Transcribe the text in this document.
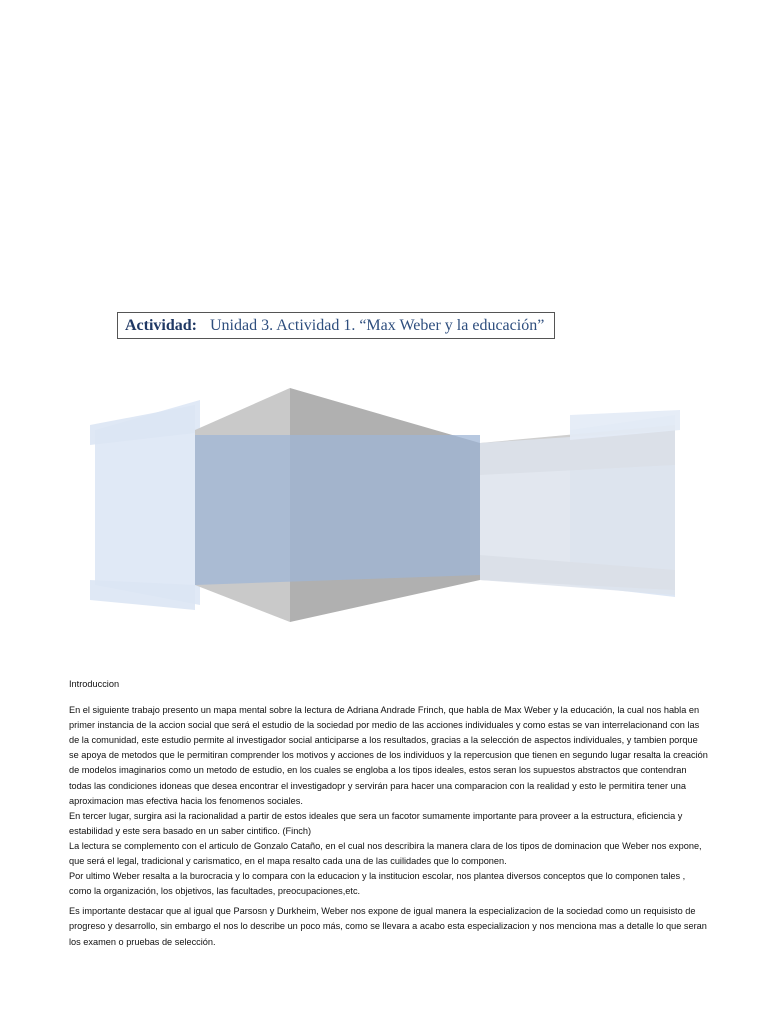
Actividad: Unidad 3. Actividad 1. “Max Weber y la educación”

Introduccion

En el siguiente trabajo presento un mapa mental sobre la lectura de Adriana Andrade Frinch, que habla de Max Weber y la educación, la cual nos habla en primer instancia de la accion social que será el estudio de la sociedad por medio de las acciones individuales y como estas se van interrelacionand con las de la comunidad, este estudio permite al investigador social anticiparse a los resultados, gracias a la selección de aspectos individuales, y tambien porque se apoya de metodos que le permitiran comprender los motivos y acciones de los individuos y la repercusion que tienen en segundo lugar resalta la creación de modelos imaginarios como un metodo de estudio, en los cuales se engloba a los tipos ideales, estos seran los supuestos abstractos que contendran todas las condiciones idoneas que desea encontrar el investigadopr y servirán para hacer una comparacion con la realidad y esto le permitira tener una aproximacion mas efectiva hacia los fenomenos sociales.

En tercer lugar, surgira asi la racionalidad a partir de estos ideales que sera un facotor sumamente importante para proveer a la estructura, eficiencia y estabilidad y este sera basado en un saber cintifico. (Finch)

La lectura se complemento con el articulo de Gonzalo Cataño, en el cual nos describira la manera clara de los tipos de dominacion que Weber nos expone, que será el legal, tradicional y carismatico, en el mapa resalto cada una de las cuilidades que lo componen.

Por ultimo Weber resalta a la burocracia y lo compara con la educacion y la institucion escolar, nos plantea diversos conceptos que lo componen tales , como la organización, los objetivos, las facultades, preocupaciones,etc.

Es importante destacar que al igual que Parsosn y Durkheim, Weber nos expone de igual manera la especializacion de la sociedad como un requisisto de progreso y desarrollo, sin embargo el nos lo describe un poco más, como se llevara a acabo esta especializacion y nos menciona mas a detalle lo que seran los examen o pruebas de selección.
